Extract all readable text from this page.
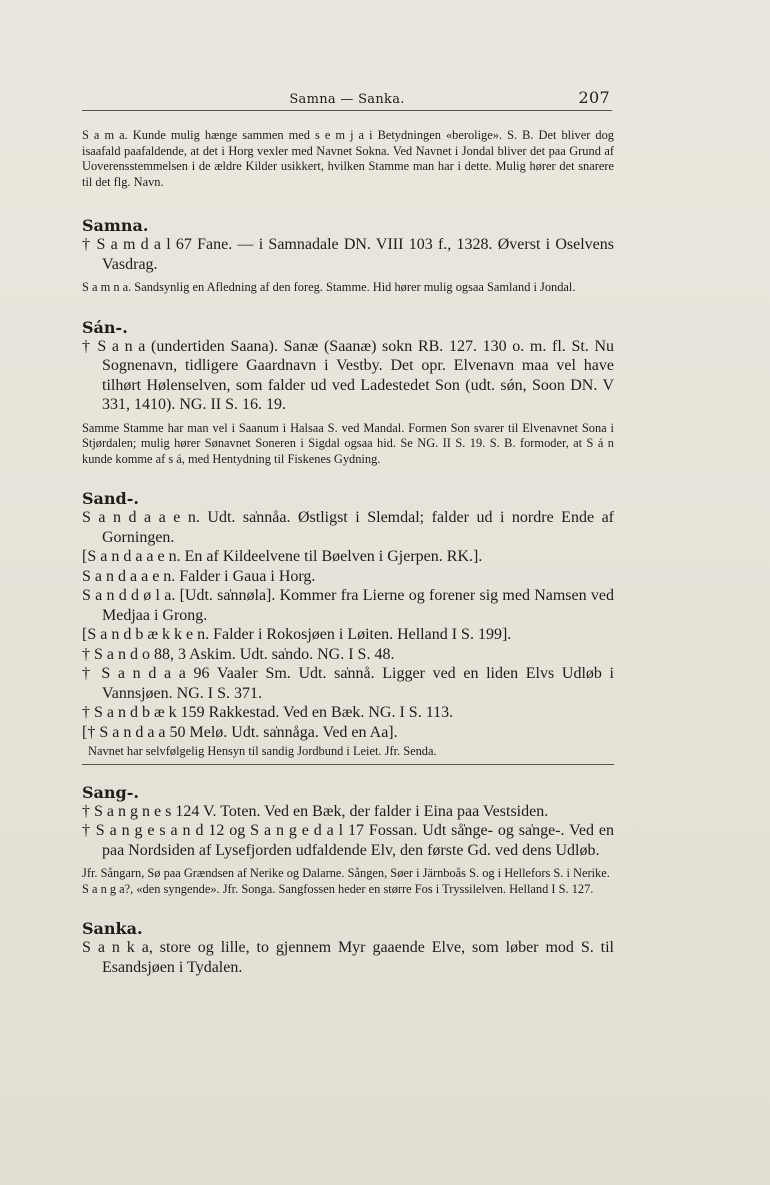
Samna — Sanka.	207

S a m a. Kunde mulig hænge sammen med s e m j a i Betydningen «berolige». S. B. Det bliver dog isaafald paafaldende, at det i Horg vexler med Navnet Sokna. Ved Navnet i Jondal bliver det paa Grund af Uoverensstemmelsen i de ældre Kilder usikkert, hvilken Stamme man har i dette. Mulig hører det snarere til det flg. Navn.

Samna.

† S a m d a l 67 Fane. — i Samnadale DN. VIII 103 f., 1328. Øverst i Oselvens Vasdrag.

S a m n a. Sandsynlig en Afledning af den foreg. Stamme. Hid hører mulig ogsaa Samland i Jondal.

Sán-.

† S a n a (undertiden Saana). Sanæ (Saanæ) sokn RB. 127. 130 o. m. fl. St. Nu Sognenavn, tidligere Gaardnavn i Vestby. Det opr. Elvenavn maa vel have tilhørt Hølenselven, som falder ud ved Ladestedet Son (udt. sǿn, Soon DN. V 331, 1410). NG. II S. 16. 19.

Samme Stamme har man vel i Saanum i Halsaa S. ved Mandal. Formen Son svarer til Elvenavnet Sona i Stjørdalen; mulig hører Sønavnet Soneren i Sigdal ogsaa hid. Se NG. II S. 19. S. B. formoder, at S á n kunde komme af s á, med Hentydning til Fiskenes Gydning.

Sand-.

S a n d a a e n. Udt. sa̍nnåa. Østligst i Slemdal; falder ud i nordre Ende af Gorningen.

[S a n d a a e n. En af Kildeelvene til Bøelven i Gjerpen. RK.].

S a n d a a e n. Falder i Gaua i Horg.

S a n d d ø l a. [Udt. sa̍nnøla]. Kommer fra Lierne og forener sig med Namsen ved Medjaa i Grong.

[S a n d b æ k k e n. Falder i Rokosjøen i Løiten. Helland I S. 199].

† S a n d o 88, 3 Askim. Udt. sa̍ndo. NG. I S. 48.

† S a n d a a 96 Vaaler Sm. Udt. sa̍nnå. Ligger ved en liden Elvs Udløb i Vannsjøen. NG. I S. 371.

† S a n d b æ k 159 Rakkestad. Ved en Bæk. NG. I S. 113.

[† S a n d a a 50 Melø. Udt. sa̍nnåga. Ved en Aa].

Navnet har selvfølgelig Hensyn til sandig Jordbund i Leiet. Jfr. Senda.

Sang-.

† S a n g n e s 124 V. Toten. Ved en Bæk, der falder i Eina paa Vestsiden.

† S a n g e s a n d 12 og S a n g e d a l 17 Fossan. Udt så̍nge- og sa̍nge-. Ved en paa Nordsiden af Lysefjorden udfaldende Elv, den første Gd. ved dens Udløb.

Jfr. Sångarn, Sø paa Grændsen af Nerike og Dalarne. Sången, Søer i Järnboås S. og i Hellefors S. i Nerike.

S a n g a?, «den syngende». Jfr. Songa. Sangfossen heder en større Fos i Tryssilelven. Helland I S. 127.

Sanka.

S a n k a, store og lille, to gjennem Myr gaaende Elve, som løber mod S. til Esandsjøen i Tydalen.
